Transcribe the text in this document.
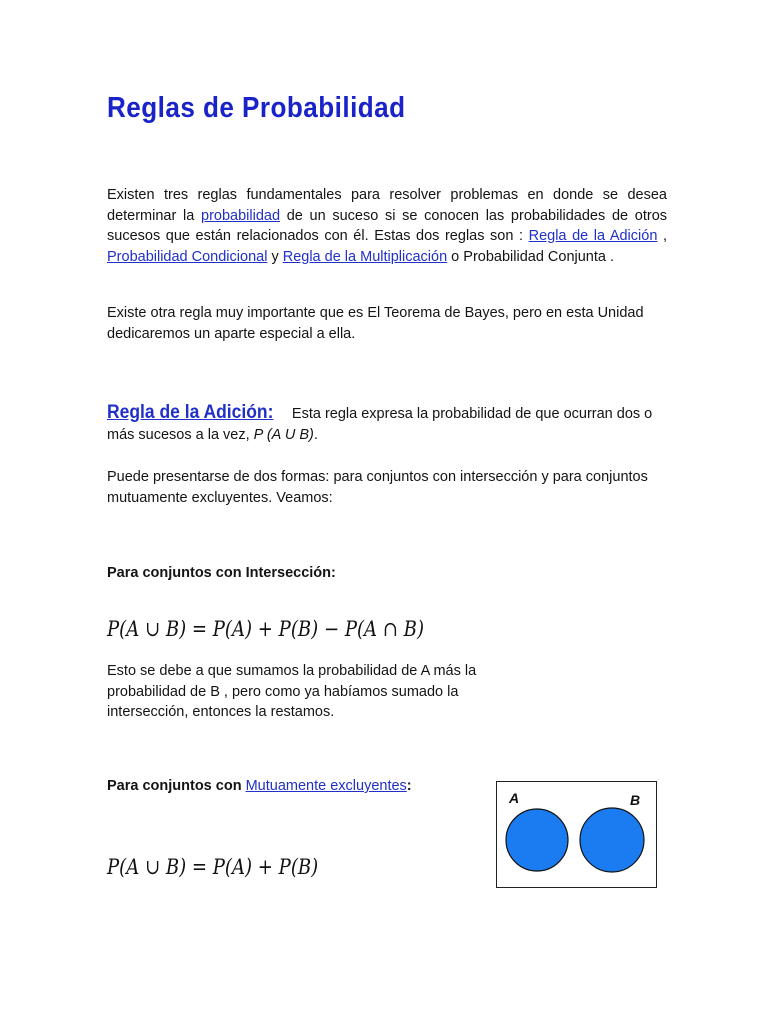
Reglas de Probabilidad

Existen tres reglas fundamentales para resolver problemas en donde se desea determinar la probabilidad de un suceso si se conocen las probabilidades de otros sucesos que están relacionados con él. Estas dos reglas son : Regla de la Adición , Probabilidad Condicional y Regla de la Multiplicación o Probabilidad Conjunta .

Existe otra regla muy importante que es El Teorema de Bayes, pero en esta Unidad dedicaremos un aparte especial a ella.

Regla de la Adición: Esta regla expresa la probabilidad de que ocurran dos o más sucesos a la vez, P (A U B).

Puede presentarse de dos formas: para conjuntos con intersección y para conjuntos mutuamente excluyentes. Veamos:

Para conjuntos con Intersección:

P(A ∪ B) = P(A) + P(B) − P(A ∩ B)

Esto se debe a que sumamos la probabilidad de A más la probabilidad de B , pero como ya habíamos sumado la intersección, entonces la restamos.

Para conjuntos con Mutuamente excluyentes:

P(A ∪ B) = P(A) + P(B)

A	B
